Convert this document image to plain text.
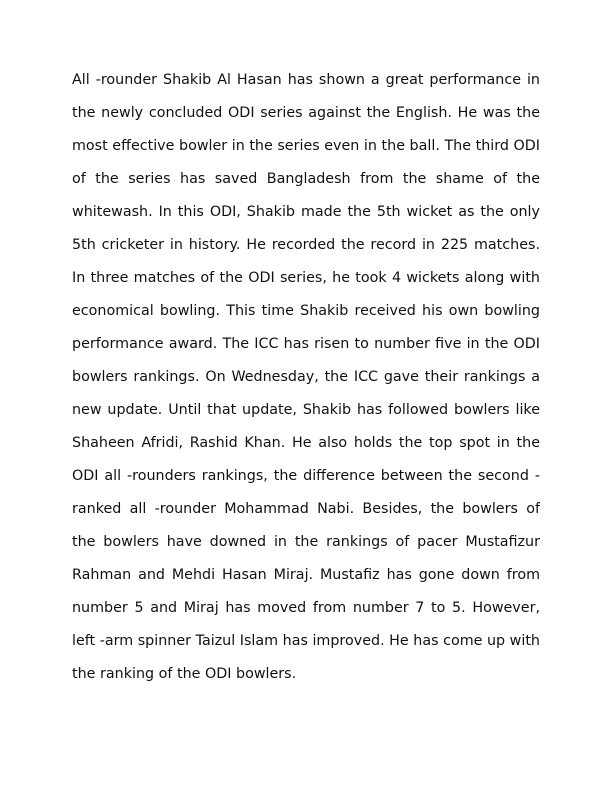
All -rounder Shakib Al Hasan has shown a great performance in
the newly concluded ODI series against the English. He was the
most effective bowler in the series even in the ball. The third ODI
of the series has saved Bangladesh from the shame of the
whitewash. In this ODI, Shakib made the 5th wicket as the only
5th cricketer in history. He recorded the record in 225 matches.
In three matches of the ODI series, he took 4 wickets along with
economical bowling. This time Shakib received his own bowling
performance award. The ICC has risen to number five in the ODI
bowlers rankings. On Wednesday, the ICC gave their rankings a
new update. Until that update, Shakib has followed bowlers like
Shaheen Afridi, Rashid Khan. He also holds the top spot in the
ODI all -rounders rankings, the difference between the second -
ranked all -rounder Mohammad Nabi. Besides, the bowlers of
the bowlers have downed in the rankings of pacer Mustafizur
Rahman and Mehdi Hasan Miraj. Mustafiz has gone down from
number 5 and Miraj has moved from number 7 to 5. However,
left -arm spinner Taizul Islam has improved. He has come up with
the ranking of the ODI bowlers.
